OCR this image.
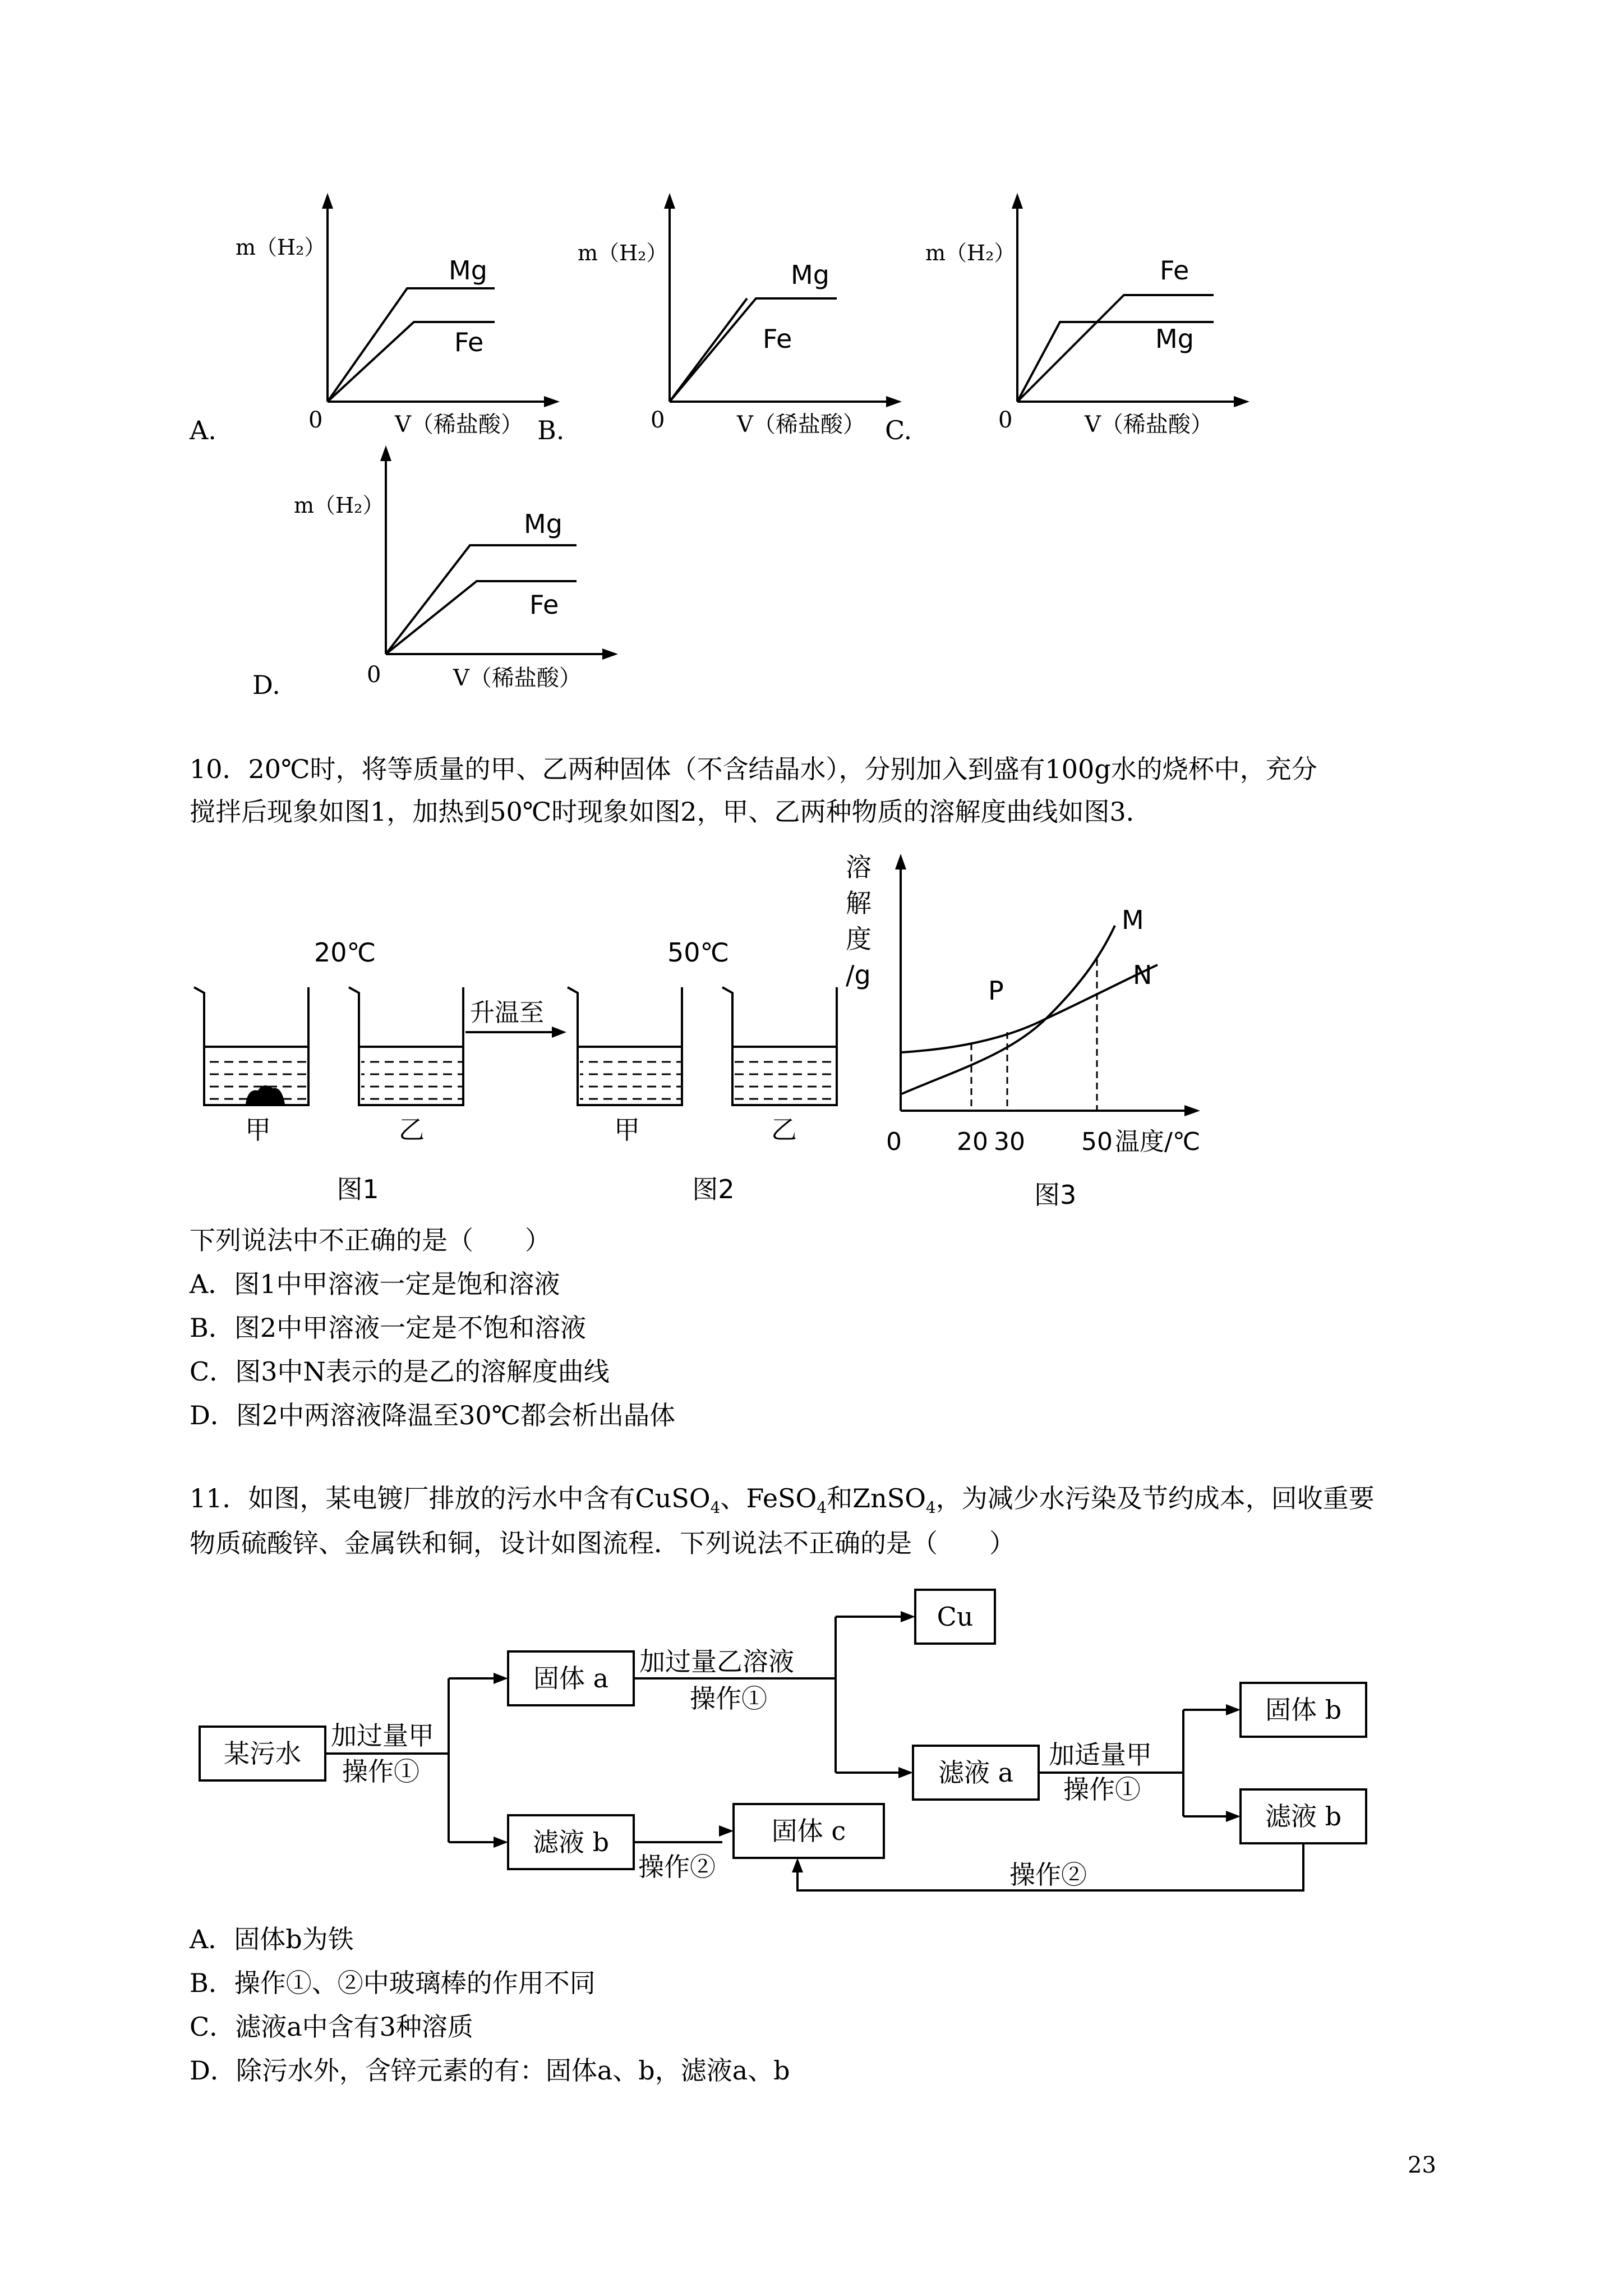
m（H₂）
Mg
Fe
0	V（稀盐酸）
A.
m（H₂）
Mg
Fe
0	V（稀盐酸）
B.
m（H₂）
Fe
Mg
0	V（稀盐酸）
C.
m（H₂）
Mg
Fe
0	V（稀盐酸）
D.
10．20℃时，将等质量的甲、乙两种固体（不含结晶水），分别加入到盛有100g水的烧杯中，充分
搅拌后现象如图1，加热到50℃时现象如图2，甲、乙两种物质的溶解度曲线如图3．
20℃	50℃
升温至
甲	乙	甲	乙
图1	图2
溶
解
度
/g
M
N
P
0 20 30 50 温度/℃
图3
下列说法中不正确的是（　　）
A．图1中甲溶液一定是饱和溶液
B．图2中甲溶液一定是不饱和溶液
C．图3中N表示的是乙的溶解度曲线
D．图2中两溶液降温至30℃都会析出晶体
11．如图，某电镀厂排放的污水中含有CuSO$_4$、FeSO$_4$和ZnSO$_4$，为减少水污染及节约成本，回收重要
物质硫酸锌、金属铁和铜，设计如图流程．下列说法不正确的是（　　）
某污水
加过量甲
操作①
固体 a
滤液 b
加过量乙溶液
操作①
Cu
滤液 a
加适量甲
操作①
固体 b
滤液 b
固体 c
操作②	操作②
A．固体b为铁
B．操作①、②中玻璃棒的作用不同
C．滤液a中含有3种溶质
D．除污水外，含锌元素的有：固体a、b，滤液a、b
23
